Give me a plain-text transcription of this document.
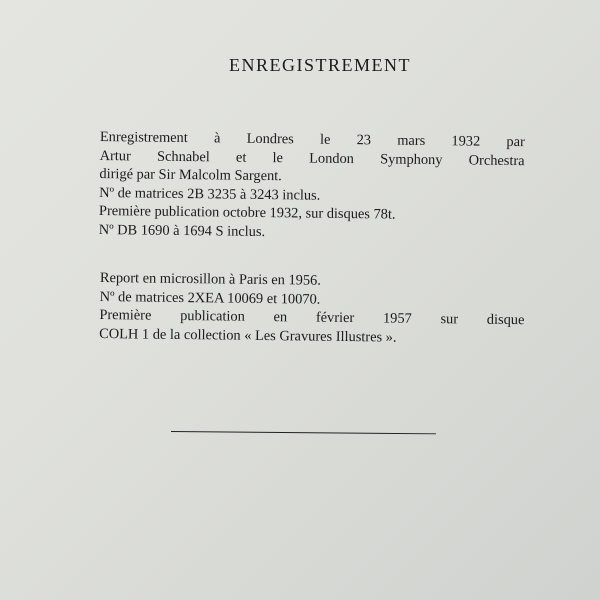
ENREGISTREMENT
Enregistrement à Londres le 23 mars 1932 par
Artur Schnabel et le London Symphony Orchestra
dirigé par Sir Malcolm Sargent.
Nº de matrices 2B 3235 à 3243 inclus.
Première publication octobre 1932, sur disques 78t.
Nº DB 1690 à 1694 S inclus.
Report en microsillon à Paris en 1956.
Nº de matrices 2XEA 10069 et 10070.
Première publication en février 1957 sur disque
COLH 1 de la collection « Les Gravures Illustres ».
